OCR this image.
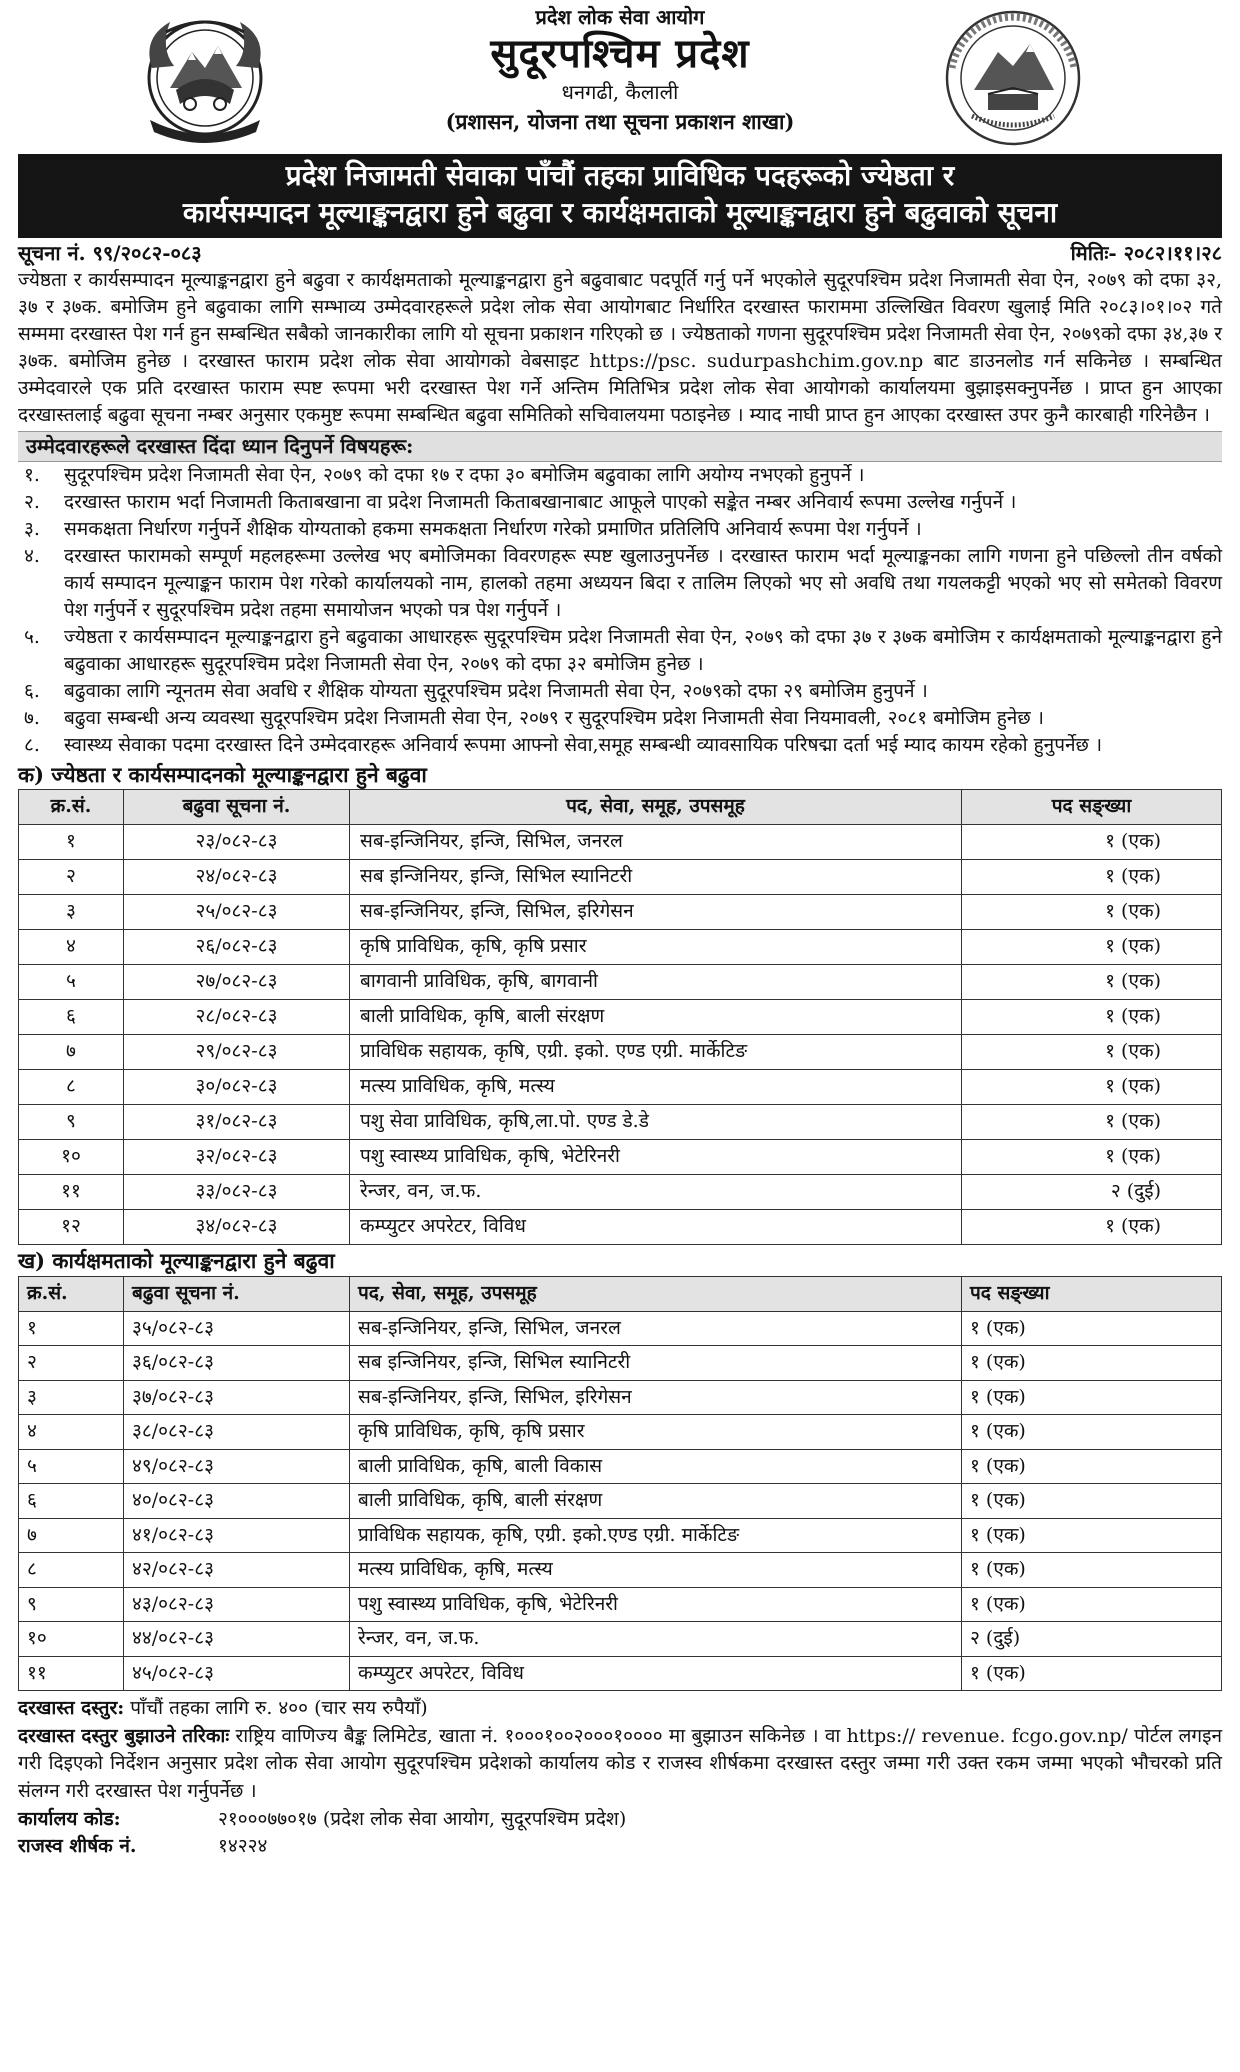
प्रदेश लोक सेवा आयोग
सुदूरपश्चिम प्रदेश
धनगढी, कैलाली
(प्रशासन, योजना तथा सूचना प्रकाशन शाखा)
प्रदेश निजामती सेवाका पाँचौं तहका प्राविधिक पदहरूको ज्येष्ठता र
कार्यसम्पादन मूल्याङ्कनद्वारा हुने बढुवा र कार्यक्षमताको मूल्याङ्कनद्वारा हुने बढुवाको सूचना
सूचना नं. ९९/२०८२-०८३	मितिः- २०८२।११।२८

ज्येष्ठता र कार्यसम्पादन मूल्याङ्कनद्वारा हुने बढुवा र कार्यक्षमताको मूल्याङ्कनद्वारा हुने बढुवाबाट पदपूर्ति गर्नु पर्ने भएकोले सुदूरपश्चिम प्रदेश निजामती सेवा ऐन, २०७९ को दफा ३२, ३७ र ३७क. बमोजिम हुने बढुवाका लागि सम्भाव्य उम्मेदवारहरूले प्रदेश लोक सेवा आयोगबाट निर्धारित दरखास्त फाराममा उल्लिखित विवरण खुलाई मिति २०८३।०१।०२ गते सम्ममा दरखास्त पेश गर्न हुन सम्बन्धित सबैको जानकारीका लागि यो सूचना प्रकाशन गरिएको छ । ज्येष्ठताको गणना सुदूरपश्चिम प्रदेश निजामती सेवा ऐन, २०७९को दफा ३४,३७ र ३७क. बमोजिम हुनेछ । दरखास्त फाराम प्रदेश लोक सेवा आयोगको वेबसाइट https://psc. sudurpashchim.gov.np बाट डाउनलोड गर्न सकिनेछ । सम्बन्धित उम्मेदवारले एक प्रति दरखास्त फाराम स्पष्ट रूपमा भरी दरखास्त पेश गर्ने अन्तिम मितिभित्र प्रदेश लोक सेवा आयोगको कार्यालयमा बुझाइसक्नुपर्नेछ । प्राप्त हुन आएका दरखास्तलाई बढुवा सूचना नम्बर अनुसार एकमुष्ट रूपमा सम्बन्धित बढुवा समितिको सचिवालयमा पठाइनेछ । म्याद नाघी प्राप्त हुन आएका दरखास्त उपर कुनै कारबाही गरिनेछैन ।

उम्मेदवारहरूले दरखास्त दिंदा ध्यान दिनुपर्ने विषयहरू:
१.	सुदूरपश्चिम प्रदेश निजामती सेवा ऐन, २०७९ को दफा १७ र दफा ३० बमोजिम बढुवाका लागि अयोग्य नभएको हुनुपर्ने ।
२.	दरखास्त फाराम भर्दा निजामती किताबखाना वा प्रदेश निजामती किताबखानाबाट आफूले पाएको सङ्केत नम्बर अनिवार्य रूपमा उल्लेख गर्नुपर्ने ।
३.	समकक्षता निर्धारण गर्नुपर्ने शैक्षिक योग्यताको हकमा समकक्षता निर्धारण गरेको प्रमाणित प्रतिलिपि अनिवार्य रूपमा पेश गर्नुपर्ने ।
४.	दरखास्त फारामको सम्पूर्ण महलहरूमा उल्लेख भए बमोजिमका विवरणहरू स्पष्ट खुलाउनुपर्नेछ । दरखास्त फाराम भर्दा मूल्याङ्कनका लागि गणना हुने पछिल्लो तीन वर्षको कार्य सम्पादन मूल्याङ्कन फाराम पेश गरेको कार्यालयको नाम, हालको तहमा अध्ययन बिदा र तालिम लिएको भए सो अवधि तथा गयलकट्टी भएको भए सो समेतको विवरण पेश गर्नुपर्ने र सुदूरपश्चिम प्रदेश तहमा समायोजन भएको पत्र पेश गर्नुपर्ने ।
५.	ज्येष्ठता र कार्यसम्पादन मूल्याङ्कनद्वारा हुने बढुवाका आधारहरू सुदूरपश्चिम प्रदेश निजामती सेवा ऐन, २०७९ को दफा ३७ र ३७क बमोजिम र कार्यक्षमताको मूल्याङ्कनद्वारा हुने बढुवाका आधारहरू सुदूरपश्चिम प्रदेश निजामती सेवा ऐन, २०७९ को दफा ३२ बमोजिम हुनेछ ।
६.	बढुवाका लागि न्यूनतम सेवा अवधि र शैक्षिक योग्यता सुदूरपश्चिम प्रदेश निजामती सेवा ऐन, २०७९को दफा २९ बमोजिम हुनुपर्ने ।
७.	बढुवा सम्बन्धी अन्य व्यवस्था सुदूरपश्चिम प्रदेश निजामती सेवा ऐन, २०७९ र सुदूरपश्चिम प्रदेश निजामती सेवा नियमावली, २०८१ बमोजिम हुनेछ ।
८.	स्वास्थ्य सेवाका पदमा दरखास्त दिने उम्मेदवारहरू अनिवार्य रूपमा आफ्नो सेवा,समूह सम्बन्धी व्यावसायिक परिषद्मा दर्ता भई म्याद कायम रहेको हुनुपर्नेछ ।
क) ज्येष्ठता र कार्यसम्पादनको मूल्याङ्कनद्वारा हुने बढुवा
क्र.सं.	बढुवा सूचना नं.	पद, सेवा, समूह, उपसमूह	पद सङ्ख्या
१	२३/०८२-८३	सब-इन्जिनियर, इन्जि, सिभिल, जनरल	१ (एक)
२	२४/०८२-८३	सब इन्जिनियर, इन्जि, सिभिल स्यानिटरी	१ (एक)
३	२५/०८२-८३	सब-इन्जिनियर, इन्जि, सिभिल, इरिगेसन	१ (एक)
४	२६/०८२-८३	कृषि प्राविधिक, कृषि, कृषि प्रसार	१ (एक)
५	२७/०८२-८३	बागवानी प्राविधिक, कृषि, बागवानी	१ (एक)
६	२८/०८२-८३	बाली प्राविधिक, कृषि, बाली संरक्षण	१ (एक)
७	२९/०८२-८३	प्राविधिक सहायक, कृषि, एग्री. इको. एण्ड एग्री. मार्केटिङ	१ (एक)
८	३०/०८२-८३	मत्स्य प्राविधिक, कृषि, मत्स्य	१ (एक)
९	३१/०८२-८३	पशु सेवा प्राविधिक, कृषि,ला.पो. एण्ड डे.डे	१ (एक)
१०	३२/०८२-८३	पशु स्वास्थ्य प्राविधिक, कृषि, भेटेरिनरी	१ (एक)
११	३३/०८२-८३	रेन्जर, वन, ज.फ.	२ (दुई)
१२	३४/०८२-८३	कम्प्युटर अपरेटर, विविध	१ (एक)
ख) कार्यक्षमताको मूल्याङ्कनद्वारा हुने बढुवा
क्र.सं.	बढुवा सूचना नं.	पद, सेवा, समूह, उपसमूह	पद सङ्ख्या
१	३५/०८२-८३	सब-इन्जिनियर, इन्जि, सिभिल, जनरल	१ (एक)
२	३६/०८२-८३	सब इन्जिनियर, इन्जि, सिभिल स्यानिटरी	१ (एक)
३	३७/०८२-८३	सब-इन्जिनियर, इन्जि, सिभिल, इरिगेसन	१ (एक)
४	३८/०८२-८३	कृषि प्राविधिक, कृषि, कृषि प्रसार	१ (एक)
५	४९/०८२-८३	बाली प्राविधिक, कृषि, बाली विकास	१ (एक)
६	४०/०८२-८३	बाली प्राविधिक, कृषि, बाली संरक्षण	१ (एक)
७	४१/०८२-८३	प्राविधिक सहायक, कृषि, एग्री. इको.एण्ड एग्री. मार्केटिङ	१ (एक)
८	४२/०८२-८३	मत्स्य प्राविधिक, कृषि, मत्स्य	१ (एक)
९	४३/०८२-८३	पशु स्वास्थ्य प्राविधिक, कृषि, भेटेरिनरी	१ (एक)
१०	४४/०८२-८३	रेन्जर, वन, ज.फ.	२ (दुई)
११	४५/०८२-८३	कम्प्युटर अपरेटर, विविध	१ (एक)
दरखास्त दस्तुर: पाँचौं तहका लागि रु. ४०० (चार सय रुपैयाँ)
दरखास्त दस्तुर बुझाउने तरिकाः राष्ट्रिय वाणिज्य बैङ्क लिमिटेड, खाता नं. १०००१००२०००१०००० मा बुझाउन सकिनेछ । वा https:// revenue. fcgo.gov.np/ पोर्टल लगइन गरी दिइएको निर्देशन अनुसार प्रदेश लोक सेवा आयोग सुदूरपश्चिम प्रदेशको कार्यालय कोड र राजस्व शीर्षकमा दरखास्त दस्तुर जम्मा गरी उक्त रकम जम्मा भएको भौचरको प्रति संलग्न गरी दरखास्त पेश गर्नुपर्नेछ ।
कार्यालय कोड:	२१०००७७०१७ (प्रदेश लोक सेवा आयोग, सुदूरपश्चिम प्रदेश)
राजस्व शीर्षक नं.	१४२२४
